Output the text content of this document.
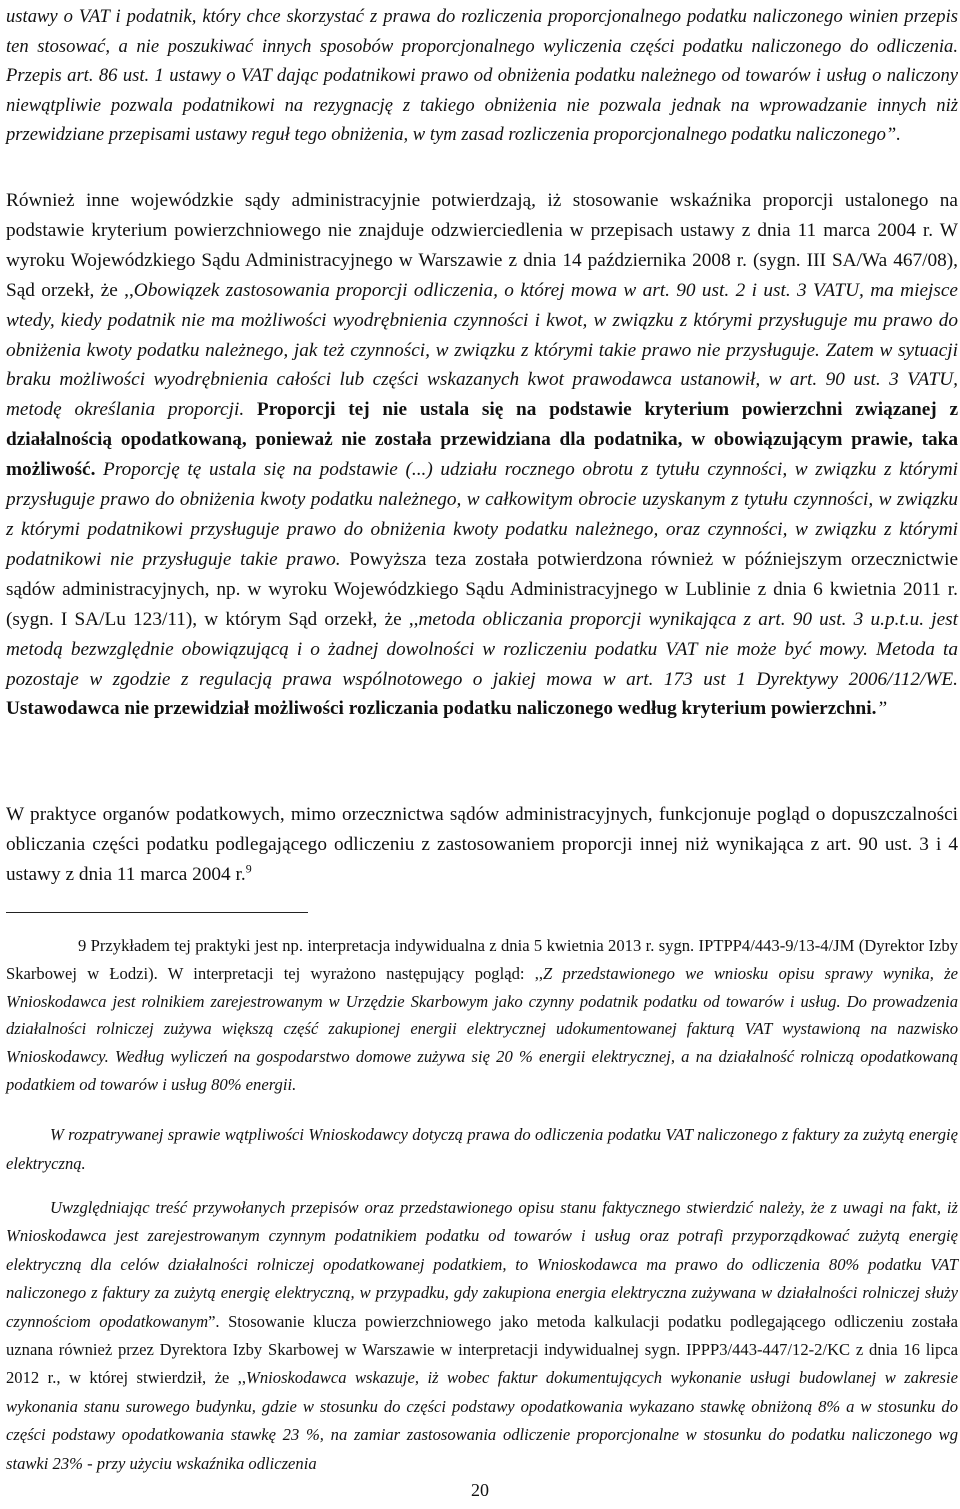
ustawy o VAT i podatnik, który chce skorzystać z prawa do rozliczenia proporcjonalnego podatku naliczonego winien przepis ten stosować, a nie poszukiwać innych sposobów proporcjonalnego wyliczenia części podatku naliczonego do odliczenia. Przepis art. 86 ust. 1 ustawy o VAT dając podatnikowi prawo od obniżenia podatku należnego od towarów i usług o naliczony niewątpliwie pozwala podatnikowi na rezygnację z takiego obniżenia nie pozwala jednak na wprowadzanie innych niż przewidziane przepisami ustawy reguł tego obniżenia, w tym zasad rozliczenia proporcjonalnego podatku naliczonego”.

Również inne wojewódzkie sądy administracyjnie potwierdzają, iż stosowanie wskaźnika proporcji ustalonego na podstawie kryterium powierzchniowego nie znajduje odzwierciedlenia w przepisach ustawy z dnia 11 marca 2004 r. W wyroku Wojewódzkiego Sądu Administracyjnego w Warszawie z dnia 14 października 2008 r. (sygn. III SA/Wa 467/08), Sąd orzekł, że ,,Obowiązek zastosowania proporcji odliczenia, o której mowa w art. 90 ust. 2 i ust. 3 VATU, ma miejsce wtedy, kiedy podatnik nie ma możliwości wyodrębnienia czynności i kwot, w związku z którymi przysługuje mu prawo do obniżenia kwoty podatku należnego, jak też czynności, w związku z którymi takie prawo nie przysługuje. Zatem w sytuacji braku możliwości wyodrębnienia całości lub części wskazanych kwot prawodawca ustanowił, w art. 90 ust. 3 VATU, metodę określania proporcji. Proporcji tej nie ustala się na podstawie kryterium powierzchni związanej z działalnością opodatkowaną, ponieważ nie została przewidziana dla podatnika, w obowiązującym prawie, taka możliwość. Proporcję tę ustala się na podstawie (...) udziału rocznego obrotu z tytułu czynności, w związku z którymi przysługuje prawo do obniżenia kwoty podatku należnego, w całkowitym obrocie uzyskanym z tytułu czynności, w związku z którymi podatnikowi przysługuje prawo do obniżenia kwoty podatku należnego, oraz czynności, w związku z którymi podatnikowi nie przysługuje takie prawo. Powyższa teza została potwierdzona również w późniejszym orzecznictwie sądów administracyjnych, np. w wyroku Wojewódzkiego Sądu Administracyjnego w Lublinie z dnia 6 kwietnia 2011 r. (sygn. I SA/Lu 123/11), w którym Sąd orzekł, że ,,metoda obliczania proporcji wynikająca z art. 90 ust. 3 u.p.t.u. jest metodą bezwzględnie obowiązującą i o żadnej dowolności w rozliczeniu podatku VAT nie może być mowy. Metoda ta pozostaje w zgodzie z regulacją prawa wspólnotowego o jakiej mowa w art. 173 ust 1 Dyrektywy 2006/112/WE. Ustawodawca nie przewidział możliwości rozliczania podatku naliczonego według kryterium powierzchni.”

W praktyce organów podatkowych, mimo orzecznictwa sądów administracyjnych, funkcjonuje pogląd o dopuszczalności obliczania części podatku podlegającego odliczeniu z zastosowaniem proporcji innej niż wynikająca z art. 90 ust. 3 i 4 ustawy z dnia 11 marca 2004 r.$^9$

9 Przykładem tej praktyki jest np. interpretacja indywidualna z dnia 5 kwietnia 2013 r. sygn. IPTPP4/443-9/13-4/JM (Dyrektor Izby Skarbowej w Łodzi). W interpretacji tej wyrażono następujący pogląd: ,,Z przedstawionego we wniosku opisu sprawy wynika, że Wnioskodawca jest rolnikiem zarejestrowanym w Urzędzie Skarbowym jako czynny podatnik podatku od towarów i usług. Do prowadzenia działalności rolniczej zużywa większą część zakupionej energii elektrycznej udokumentowanej fakturą VAT wystawioną na nazwisko Wnioskodawcy. Według wyliczeń na gospodarstwo domowe zużywa się 20 % energii elektrycznej, a na działalność rolniczą opodatkowaną podatkiem od towarów i usług 80% energii.

W rozpatrywanej sprawie wątpliwości Wnioskodawcy dotyczą prawa do odliczenia podatku VAT naliczonego z faktury za zużytą energię elektryczną.

Uwzględniając treść przywołanych przepisów oraz przedstawionego opisu stanu faktycznego stwierdzić należy, że z uwagi na fakt, iż Wnioskodawca jest zarejestrowanym czynnym podatnikiem podatku od towarów i usług oraz potrafi przyporządkować zużytą energię elektryczną dla celów działalności rolniczej opodatkowanej podatkiem, to Wnioskodawca ma prawo do odliczenia 80% podatku VAT naliczonego z faktury za zużytą energię elektryczną, w przypadku, gdy zakupiona energia elektryczna zużywana w działalności rolniczej służy czynnościom opodatkowanym”. Stosowanie klucza powierzchniowego jako metoda kalkulacji podatku podlegającego odliczeniu została uznana również przez Dyrektora Izby Skarbowej w Warszawie w interpretacji indywidualnej sygn. IPPP3/443-447/12-2/KC z dnia 16 lipca 2012 r., w której stwierdził, że ,,Wnioskodawca wskazuje, iż wobec faktur dokumentujących wykonanie usługi budowlanej w zakresie wykonania stanu surowego budynku, gdzie w stosunku do części podstawy opodatkowania wykazano stawkę obniżoną 8% a w stosunku do części podstawy opodatkowania stawkę 23 %, na zamiar zastosowania odliczenie proporcjonalne w stosunku do podatku naliczonego wg stawki 23% - przy użyciu wskaźnika odliczenia

20
